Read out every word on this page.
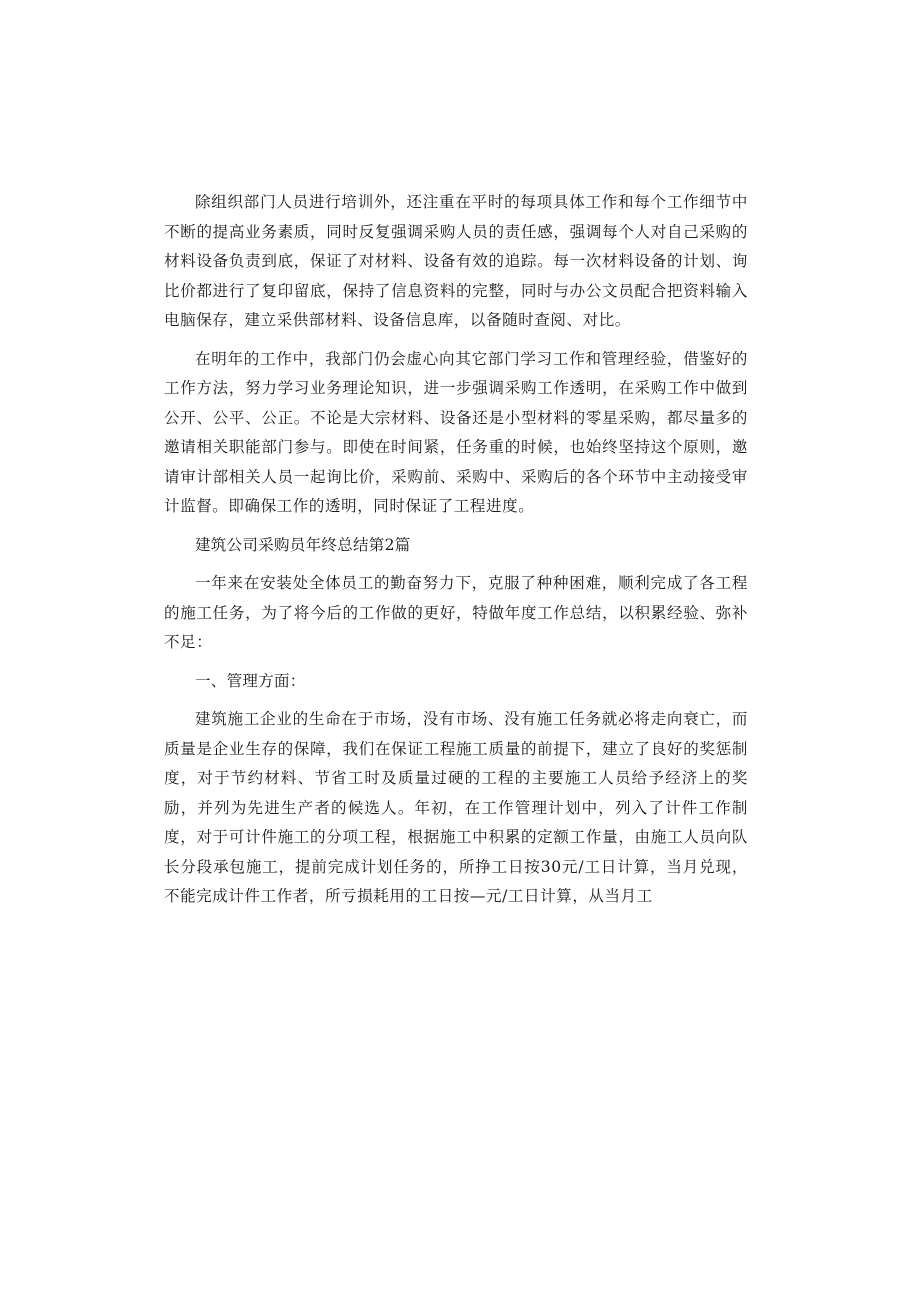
除组织部门人员进行培训外，还注重在平时的每项具体工作和每个工作细节中不断的提高业务素质，同时反复强调采购人员的责任感，强调每个人对自己采购的材料设备负责到底，保证了对材料、设备有效的追踪。每一次材料设备的计划、询比价都进行了复印留底，保持了信息资料的完整，同时与办公文员配合把资料输入电脑保存，建立采供部材料、设备信息库，以备随时查阅、对比。

在明年的工作中，我部门仍会虚心向其它部门学习工作和管理经验，借鉴好的工作方法，努力学习业务理论知识，进一步强调采购工作透明，在采购工作中做到公开、公平、公正。不论是大宗材料、设备还是小型材料的零星采购，都尽量多的邀请相关职能部门参与。即使在时间紧，任务重的时候，也始终坚持这个原则，邀请审计部相关人员一起询比价，采购前、采购中、采购后的各个环节中主动接受审计监督。即确保工作的透明，同时保证了工程进度。

建筑公司采购员年终总结第2篇

一年来在安装处全体员工的勤奋努力下，克服了种种困难，顺利完成了各工程的施工任务，为了将今后的工作做的更好，特做年度工作总结，以积累经验、弥补不足：

一、管理方面：

建筑施工企业的生命在于市场，没有市场、没有施工任务就必将走向衰亡，而质量是企业生存的保障，我们在保证工程施工质量的前提下，建立了良好的奖惩制度，对于节约材料、节省工时及质量过硬的工程的主要施工人员给予经济上的奖励，并列为先进生产者的候选人。年初，在工作管理计划中，列入了计件工作制度，对于可计件施工的分项工程，根据施工中积累的定额工作量，由施工人员向队长分段承包施工，提前完成计划任务的，所挣工日按30元/工日计算，当月兑现，不能完成计件工作者，所亏损耗用的工日按—元/工日计算，从当月工
